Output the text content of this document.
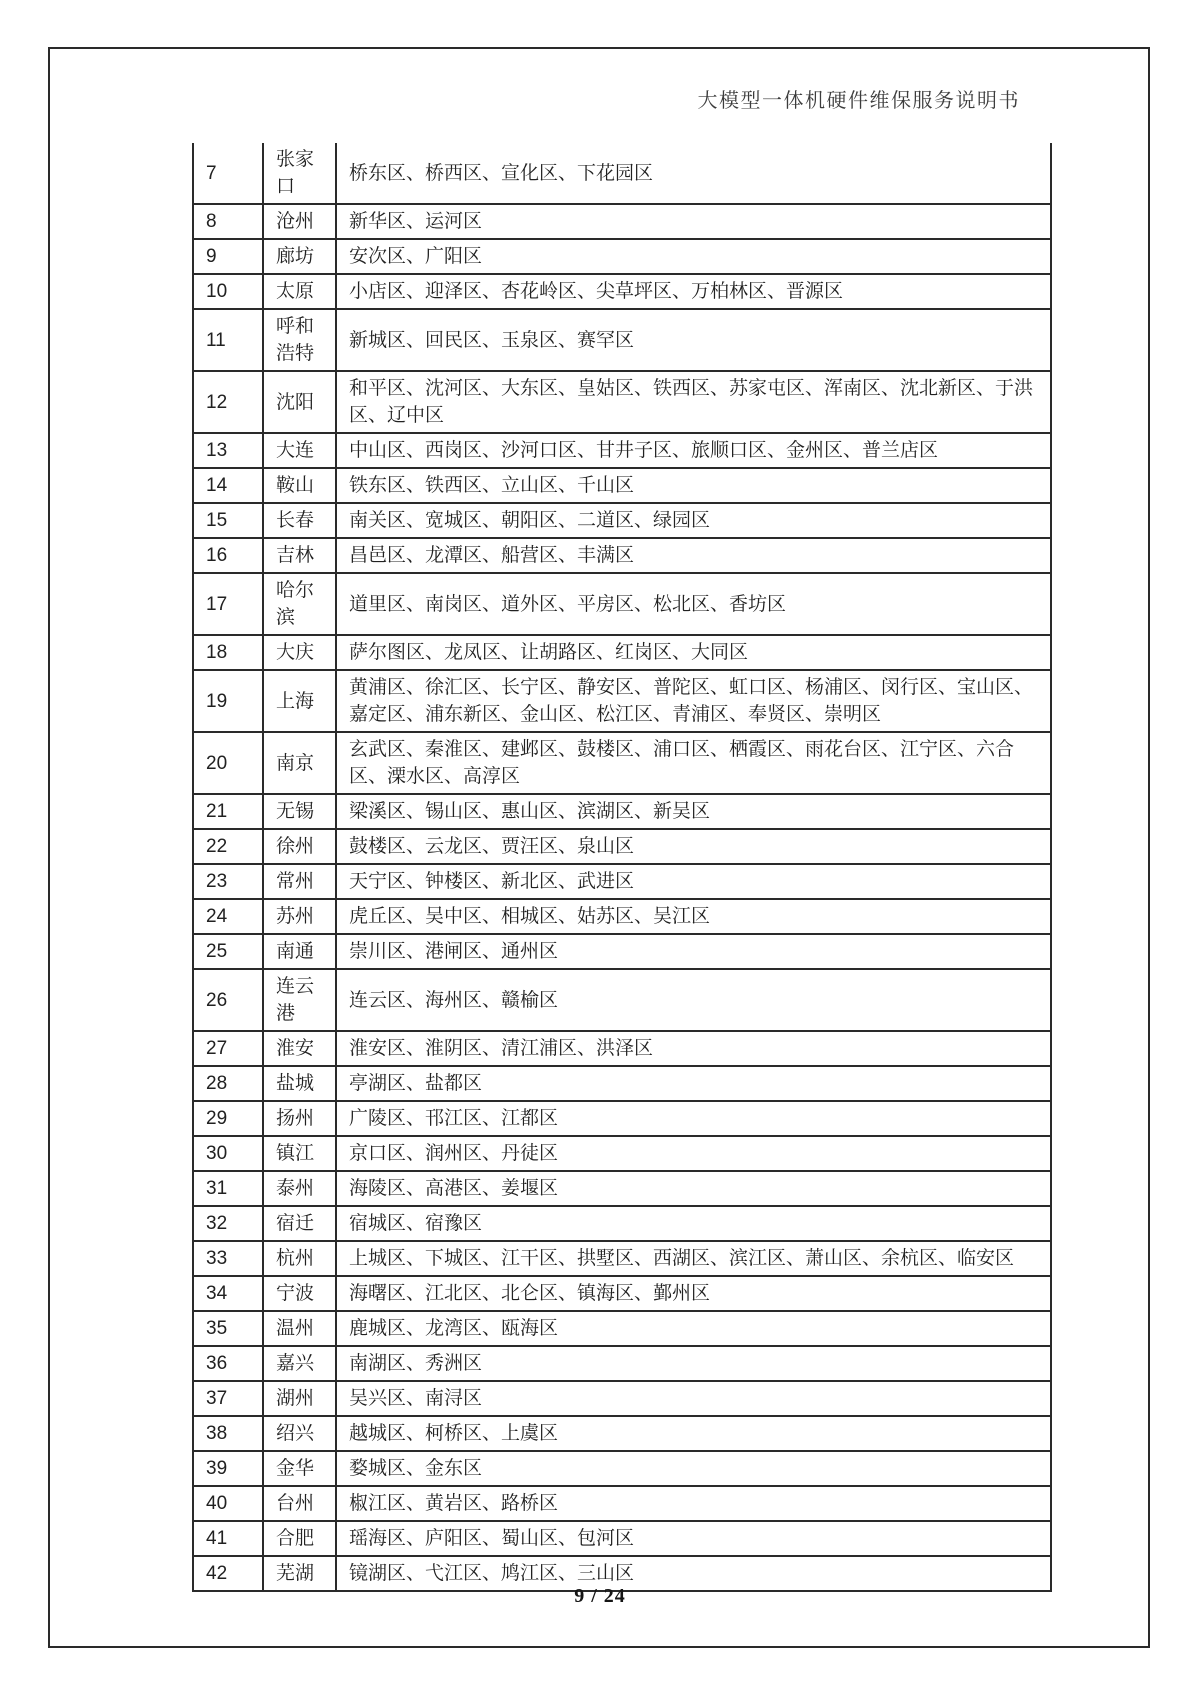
大模型一体机硬件维保服务说明书
7	张家口	桥东区、桥西区、宣化区、下花园区
8	沧州	新华区、运河区
9	廊坊	安次区、广阳区
10	太原	小店区、迎泽区、杏花岭区、尖草坪区、万柏林区、晋源区
11	呼和浩特	新城区、回民区、玉泉区、赛罕区
12	沈阳	和平区、沈河区、大东区、皇姑区、铁西区、苏家屯区、浑南区、沈北新区、于洪区、辽中区
13	大连	中山区、西岗区、沙河口区、甘井子区、旅顺口区、金州区、普兰店区
14	鞍山	铁东区、铁西区、立山区、千山区
15	长春	南关区、宽城区、朝阳区、二道区、绿园区
16	吉林	昌邑区、龙潭区、船营区、丰满区
17	哈尔滨	道里区、南岗区、道外区、平房区、松北区、香坊区
18	大庆	萨尔图区、龙凤区、让胡路区、红岗区、大同区
19	上海	黄浦区、徐汇区、长宁区、静安区、普陀区、虹口区、杨浦区、闵行区、宝山区、嘉定区、浦东新区、金山区、松江区、青浦区、奉贤区、崇明区
20	南京	玄武区、秦淮区、建邺区、鼓楼区、浦口区、栖霞区、雨花台区、江宁区、六合区、溧水区、高淳区
21	无锡	梁溪区、锡山区、惠山区、滨湖区、新吴区
22	徐州	鼓楼区、云龙区、贾汪区、泉山区
23	常州	天宁区、钟楼区、新北区、武进区
24	苏州	虎丘区、吴中区、相城区、姑苏区、吴江区
25	南通	崇川区、港闸区、通州区
26	连云港	连云区、海州区、赣榆区
27	淮安	淮安区、淮阴区、清江浦区、洪泽区
28	盐城	亭湖区、盐都区
29	扬州	广陵区、邗江区、江都区
30	镇江	京口区、润州区、丹徒区
31	泰州	海陵区、高港区、姜堰区
32	宿迁	宿城区、宿豫区
33	杭州	上城区、下城区、江干区、拱墅区、西湖区、滨江区、萧山区、余杭区、临安区
34	宁波	海曙区、江北区、北仑区、镇海区、鄞州区
35	温州	鹿城区、龙湾区、瓯海区
36	嘉兴	南湖区、秀洲区
37	湖州	吴兴区、南浔区
38	绍兴	越城区、柯桥区、上虞区
39	金华	婺城区、金东区
40	台州	椒江区、黄岩区、路桥区
41	合肥	瑶海区、庐阳区、蜀山区、包河区
42	芜湖	镜湖区、弋江区、鸠江区、三山区
9 / 24
